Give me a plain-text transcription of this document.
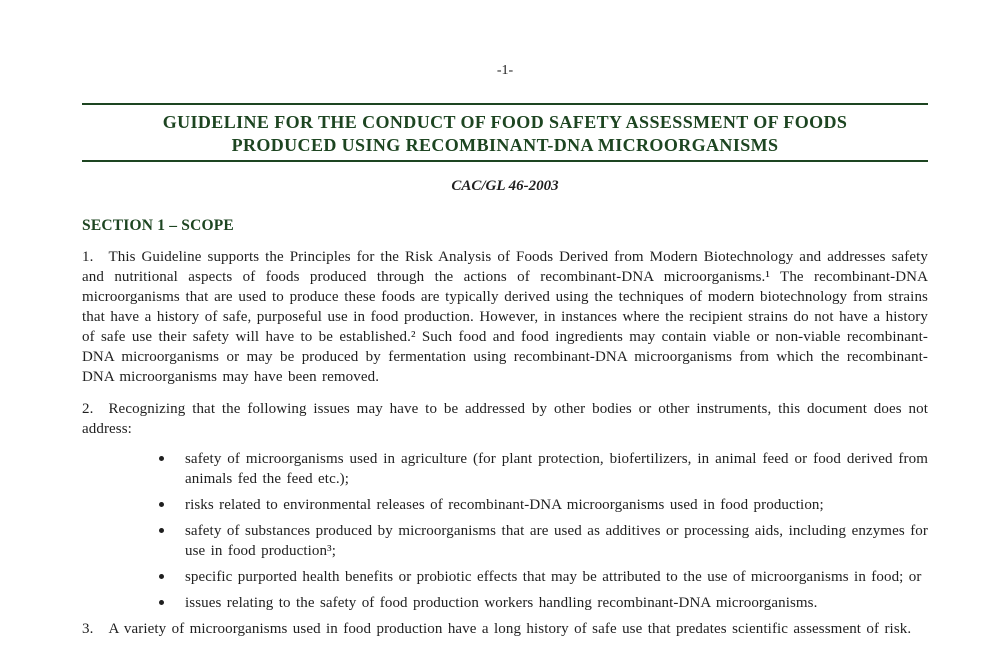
-1-
GUIDELINE FOR THE CONDUCT OF FOOD SAFETY ASSESSMENT OF FOODS
PRODUCED USING RECOMBINANT-DNA MICROORGANISMS
CAC/GL 46-2003
SECTION 1 – SCOPE

1. This Guideline supports the Principles for the Risk Analysis of Foods Derived from Modern Biotechnology and addresses safety and nutritional aspects of foods produced through the actions of recombinant-DNA microorganisms.¹ The recombinant-DNA microorganisms that are used to produce these foods are typically derived using the techniques of modern biotechnology from strains that have a history of safe, purposeful use in food production. However, in instances where the recipient strains do not have a history of safe use their safety will have to be established.² Such food and food ingredients may contain viable or non-viable recombinant-DNA microorganisms or may be produced by fermentation using recombinant-DNA microorganisms from which the recombinant-DNA microorganisms may have been removed.

2. Recognizing that the following issues may have to be addressed by other bodies or other instruments, this document does not address:

safety of microorganisms used in agriculture (for plant protection, biofertilizers, in animal feed or food derived from animals fed the feed etc.);
risks related to environmental releases of recombinant-DNA microorganisms used in food production;
safety of substances produced by microorganisms that are used as additives or processing aids, including enzymes for use in food production³;
specific purported health benefits or probiotic effects that may be attributed to the use of microorganisms in food; or
issues relating to the safety of food production workers handling recombinant-DNA microorganisms.

3. A variety of microorganisms used in food production have a long history of safe use that predates scientific assessment of risk.
